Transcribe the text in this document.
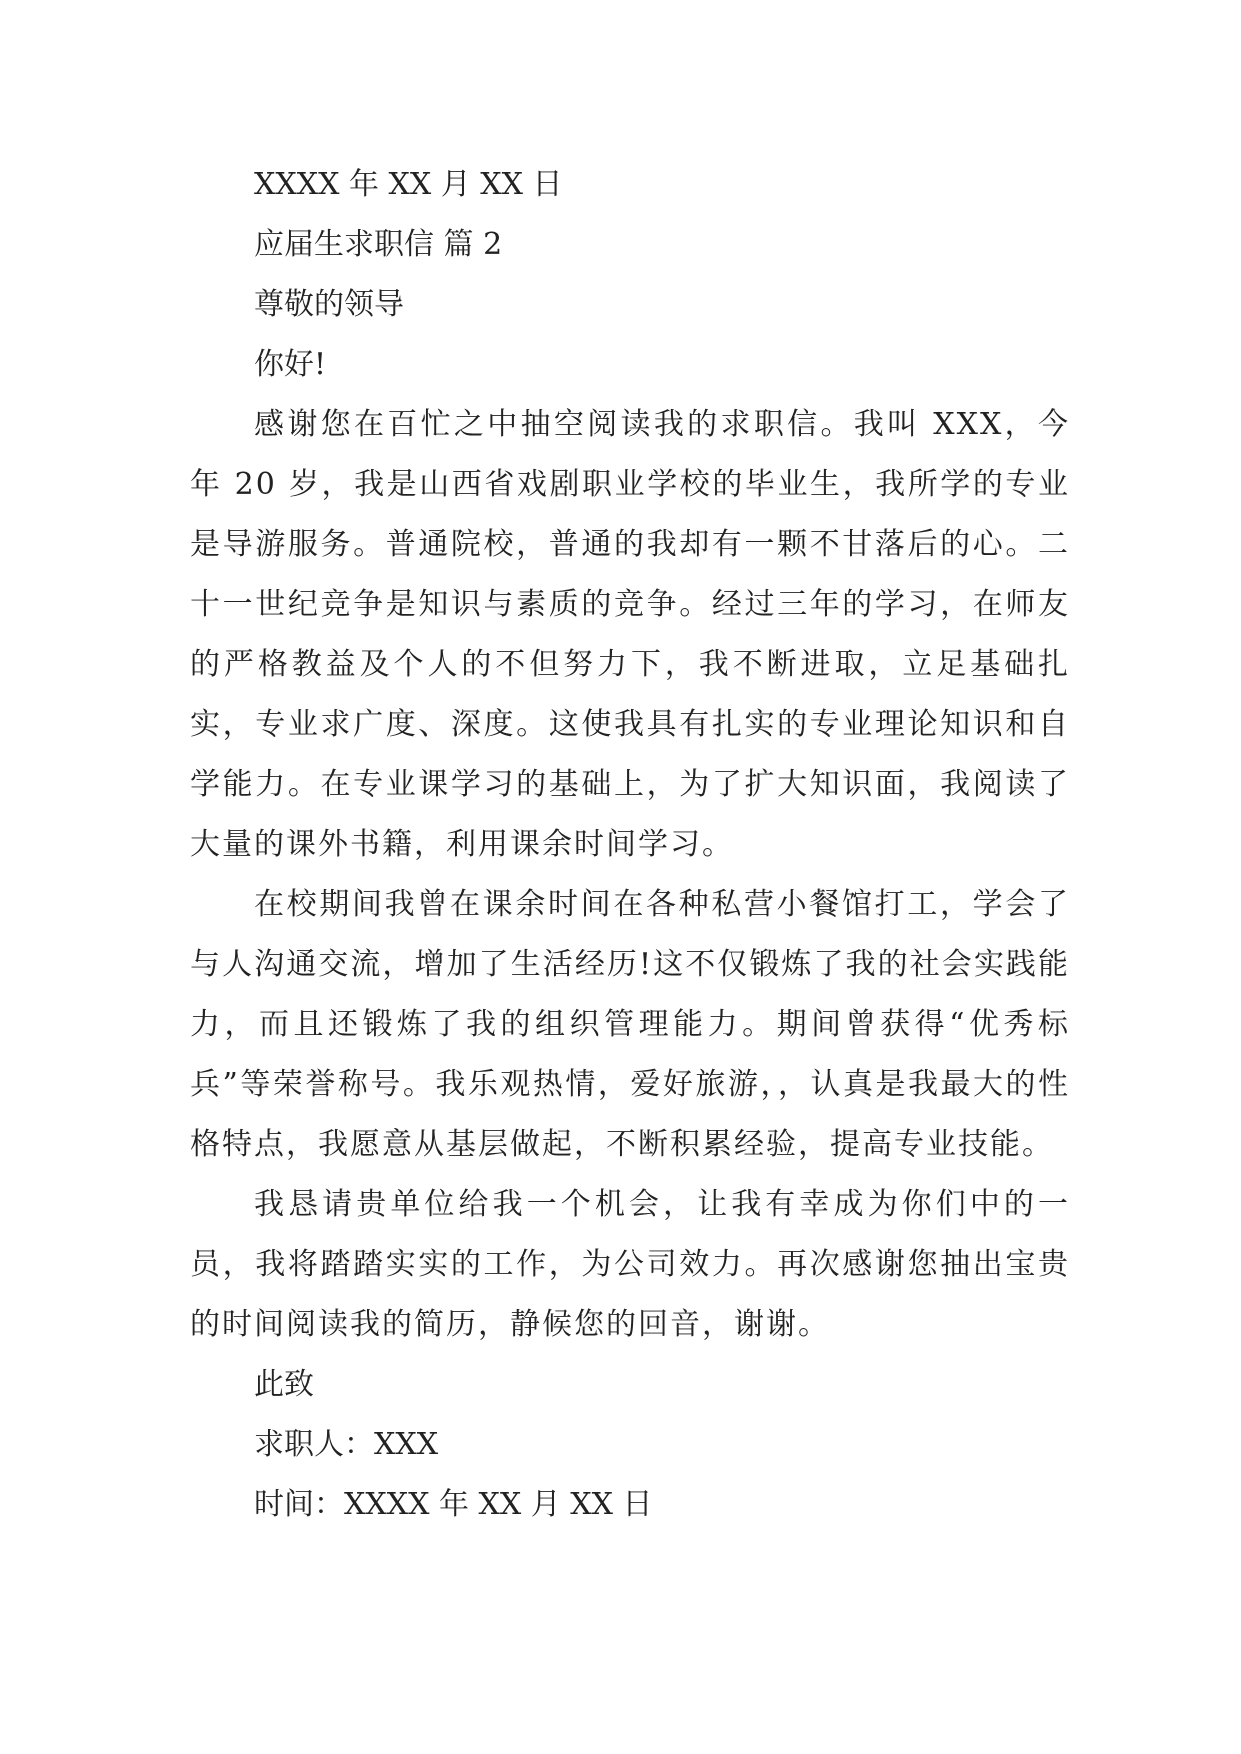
XXXX 年 XX 月 XX 日
应届生求职信 篇 2
尊敬的领导
你好!
感谢您在百忙之中抽空阅读我的求职信。我叫 XXX，今年 20 岁，我是山西省戏剧职业学校的毕业生，我所学的专业是导游服务。普通院校，普通的我却有一颗不甘落后的心。二十一世纪竞争是知识与素质的竞争。经过三年的学习，在师友的严格教益及个人的不但努力下，我不断进取，立足基础扎实，专业求广度、深度。这使我具有扎实的专业理论知识和自学能力。在专业课学习的基础上，为了扩大知识面，我阅读了大量的课外书籍，利用课余时间学习。
在校期间我曾在课余时间在各种私营小餐馆打工，学会了与人沟通交流，增加了生活经历!这不仅锻炼了我的社会实践能力，而且还锻炼了我的组织管理能力。期间曾获得“优秀标兵”等荣誉称号。我乐观热情，爱好旅游，，认真是我最大的性格特点，我愿意从基层做起，不断积累经验，提高专业技能。
我恳请贵单位给我一个机会，让我有幸成为你们中的一员，我将踏踏实实的工作，为公司效力。再次感谢您抽出宝贵的时间阅读我的简历，静候您的回音，谢谢。
此致
求职人：XXX
时间：XXXX 年 XX 月 XX 日
